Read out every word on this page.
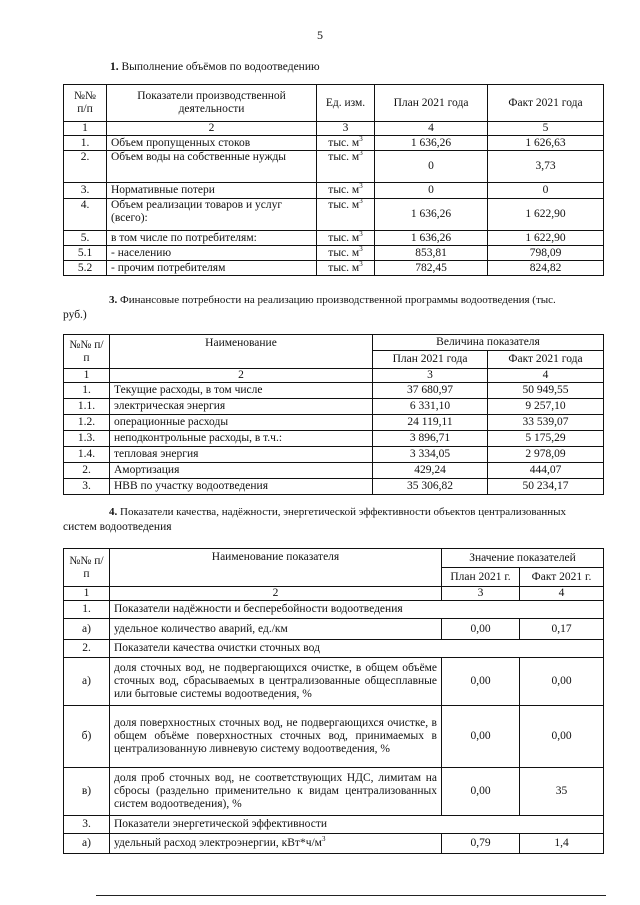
5
1. Выполнение объёмов по водоотведению
№№ п/п	Показатели производственной деятельности	Ед. изм.	План 2021 года	Факт 2021 года
1	2	3	4	5
1.	Объем пропущенных стоков	тыс. $м^3$	1 636,26	1 626,63
2.	Объем воды на собственные нужды	тыс. $м^3$	0	3,73
3.	Нормативные потери	тыс. $м^3$	0	0
4.	Объем реализации товаров и услуг (всего):	тыс. $м^3$	1 636,26	1 622,90
5.	в том числе по потребителям:	тыс. $м^3$	1 636,26	1 622,90
5.1	- населению	тыс. $м^3$	853,81	798,09
5.2	- прочим потребителям	тыс. $м^3$	782,45	824,82
3. Финансовые потребности на реализацию производственной программы водоотведения (тыс.
руб.)
№№ п/п	Наименование	Величина показателя	
		План 2021 года	Факт 2021 года
1	2	3	4
1.	Текущие расходы, в том числе	37 680,97	50 949,55
1.1.	электрическая энергия	6 331,10	9 257,10
1.2.	операционные расходы	24 119,11	33 539,07
1.3.	неподконтрольные расходы, в т.ч.:	3 896,71	5 175,29
1.4.	тепловая энергия	3 334,05	2 978,09
2.	Амортизация	429,24	444,07
3.	НВВ по участку водоотведения	35 306,82	50 234,17
4. Показатели качества, надёжности, энергетической эффективности объектов централизованных
систем водоотведения
№№ п/п	Наименование показателя	Значение показателей	
		План 2021 г.	Факт 2021 г.
1	2	3	4
1.	Показатели надёжности и бесперебойности водоотведения		
а)	удельное количество аварий, ед./км	0,00	0,17
2.	Показатели качества очистки сточных вод		
а)	доля сточных вод, не подвергающихся очистке, в общем объёме сточных вод, сбрасываемых в централизованные общесплавные или бытовые системы водоотведения, %	0,00	0,00
б)	доля поверхностных сточных вод, не подвергающихся очистке, в общем объёме поверхностных сточных вод, принимаемых в централизованную ливневую систему водоотведения, %	0,00	0,00
в)	доля проб сточных вод, не соответствующих НДС, лимитам на сбросы (раздельно применительно к видам централизованных систем водоотведения), %	0,00	35
3.	Показатели энергетической эффективности		
а)	удельный расход электроэнергии, $кВт*ч/м^3$	0,79	1,4
